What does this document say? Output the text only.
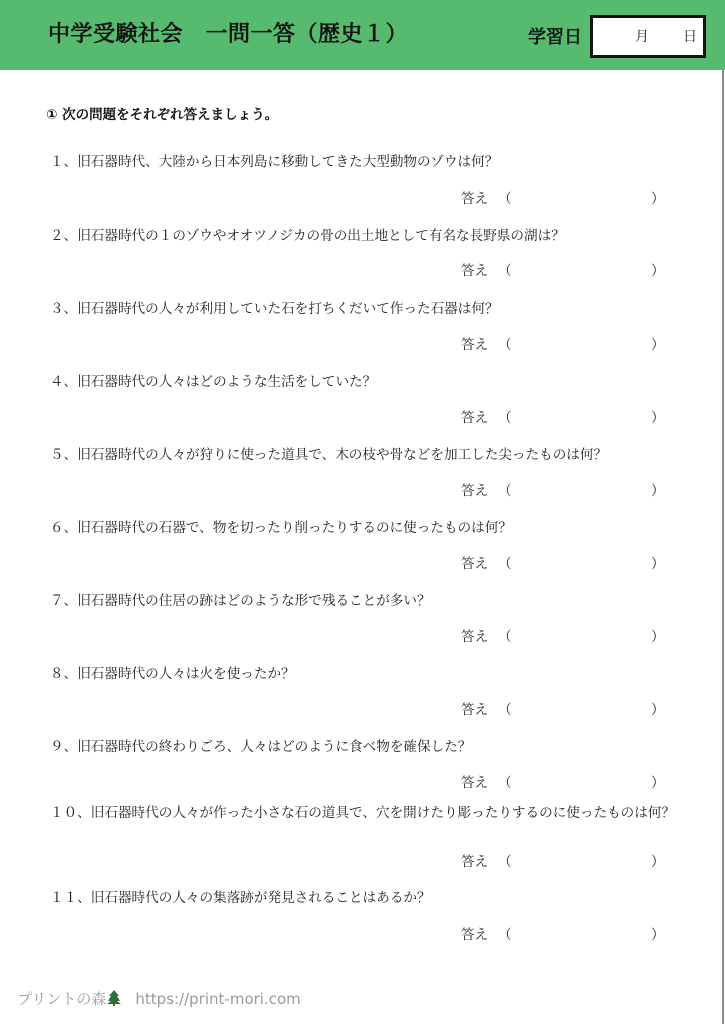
中学受験社会　一問一答（歴史１）	学習日	月 日
① 次の問題をそれぞれ答えましょう。
１、旧石器時代、大陸から日本列島に移動してきた大型動物のゾウは何？
答え （	）
２、旧石器時代の１のゾウやオオツノジカの骨の出土地として有名な長野県の湖は？
答え （	）
３、旧石器時代の人々が利用していた石を打ちくだいて作った石器は何？
答え （	）
４、旧石器時代の人々はどのような生活をしていた？
答え （	）
５、旧石器時代の人々が狩りに使った道具で、木の枝や骨などを加工した尖ったものは何？
答え （	）
６、旧石器時代の石器で、物を切ったり削ったりするのに使ったものは何？
答え （	）
７、旧石器時代の住居の跡はどのような形で残ることが多い？
答え （	）
８、旧石器時代の人々は火を使ったか？
答え （	）
９、旧石器時代の終わりごろ、人々はどのように食べ物を確保した？
答え （	）
１０、旧石器時代の人々が作った小さな石の道具で、穴を開けたり彫ったりするのに使ったものは何？
答え （	）
１１、旧石器時代の人々の集落跡が発見されることはあるか？
答え （	）
プリントの森 https://print-mori.com
